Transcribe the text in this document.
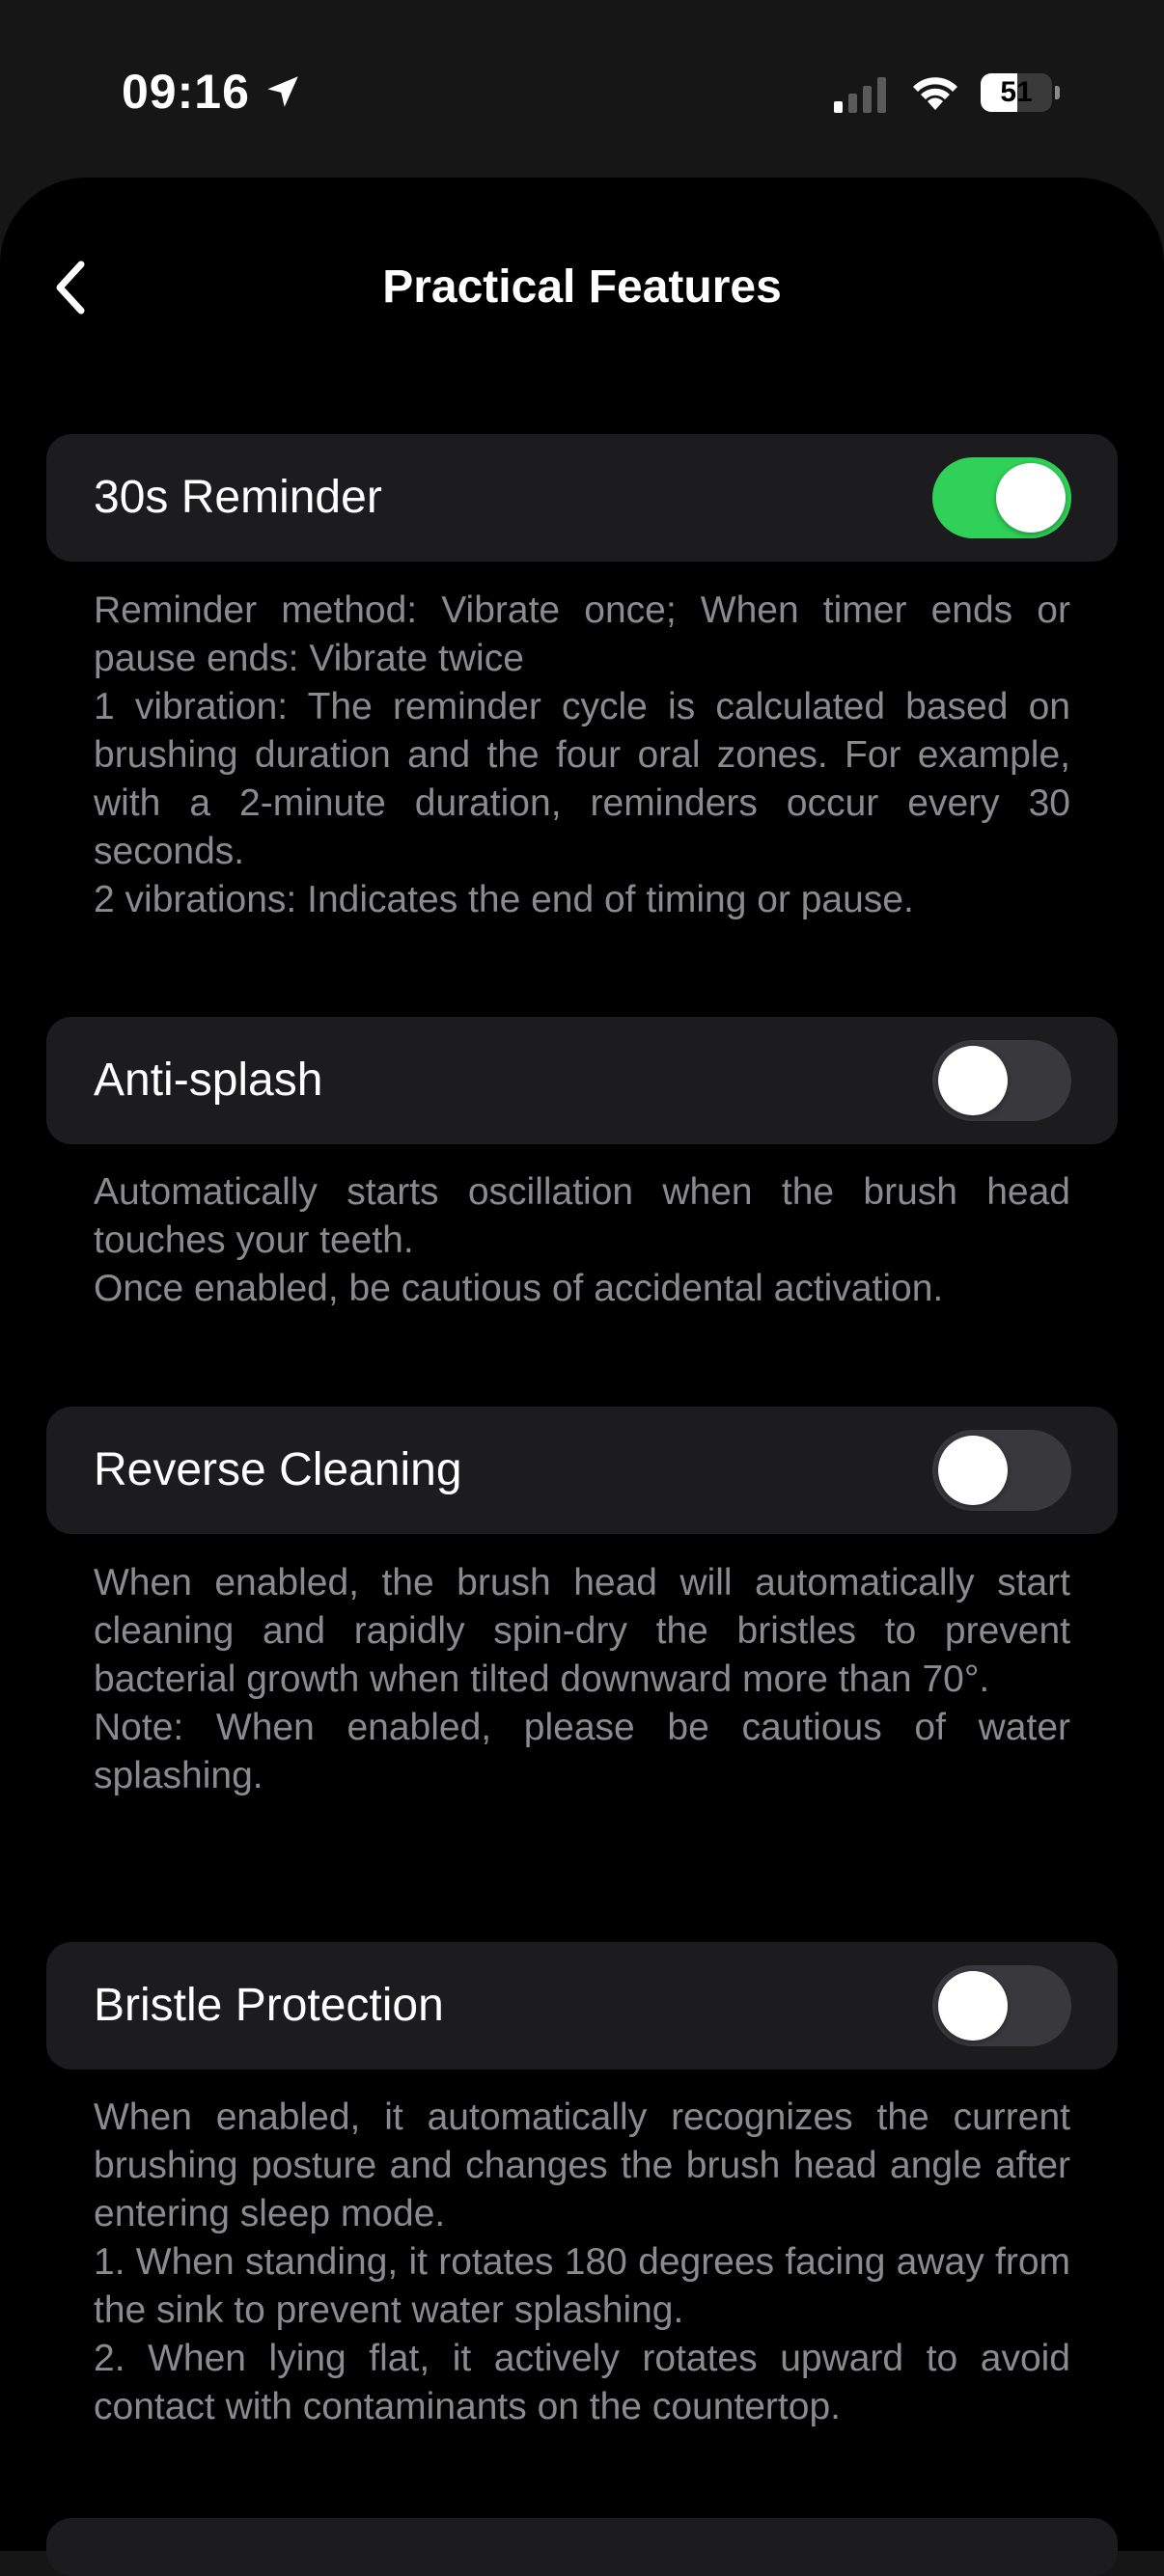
09:16	51
Practical Features
30s Reminder

Reminder method: Vibrate once; When timer ends or pause ends: Vibrate twice

1 vibration: The reminder cycle is calculated based on brushing duration and the four oral zones. For example, with a 2-minute duration, reminders occur every 30 seconds.

2 vibrations: Indicates the end of timing or pause.

Anti-splash

Automatically starts oscillation when the brush head touches your teeth.

Once enabled, be cautious of accidental activation.

Reverse Cleaning

When enabled, the brush head will automatically start cleaning and rapidly spin-dry the bristles to prevent bacterial growth when tilted downward more than 70°.

Note: When enabled, please be cautious of water splashing.

Bristle Protection

When enabled, it automatically recognizes the current brushing posture and changes the brush head angle after entering sleep mode.

1. When standing, it rotates 180 degrees facing away from the sink to prevent water splashing.

2. When lying flat, it actively rotates upward to avoid contact with contaminants on the countertop.
